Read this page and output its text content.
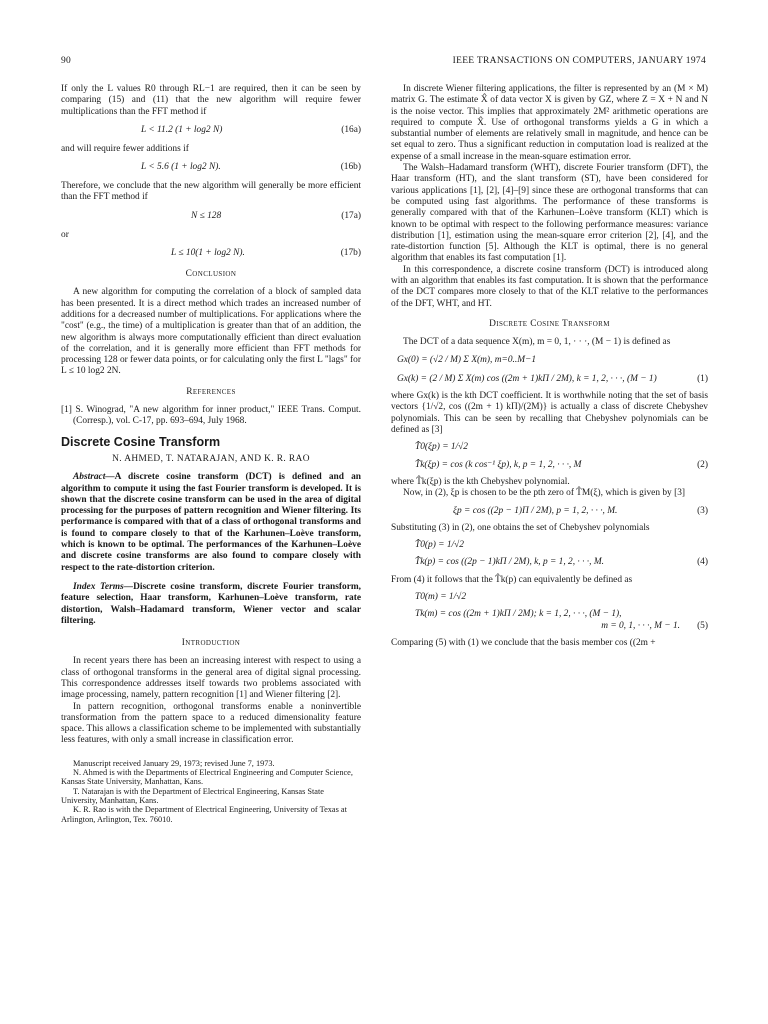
90	IEEE TRANSACTIONS ON COMPUTERS, JANUARY 1974

If only the L values R0 through RL−1 are required, then it can be seen by comparing (15) and (11) that the new algorithm will require fewer multiplications than the FFT method if

L < 11.2 (1 + log2 N)	(16a)

and will require fewer additions if

L < 5.6 (1 + log2 N).	(16b)

Therefore, we conclude that the new algorithm will generally be more efficient than the FFT method if

N ≤ 128	(17a)

or

L ≤ 10(1 + log2 N).	(17b)
Conclusion

A new algorithm for computing the correlation of a block of sampled data has been presented. It is a direct method which trades an increased number of additions for a decreased number of multiplications. For applications where the "cost" (e.g., the time) of a multiplication is greater than that of an addition, the new algorithm is always more computationally efficient than direct evaluation of the correlation, and it is generally more efficient than FFT methods for processing 128 or fewer data points, or for calculating only the first L "lags" for L ≤ 10 log2 2N.

References

[1] S. Winograd, "A new algorithm for inner product," IEEE Trans. Comput. (Corresp.), vol. C-17, pp. 693–694, July 1968.

Discrete Cosine Transform
N. AHMED, T. NATARAJAN, AND K. R. RAO

Abstract—A discrete cosine transform (DCT) is defined and an algorithm to compute it using the fast Fourier transform is developed. It is shown that the discrete cosine transform can be used in the area of digital processing for the purposes of pattern recognition and Wiener filtering. Its performance is compared with that of a class of orthogonal transforms and is found to compare closely to that of the Karhunen–Loève transform, which is known to be optimal. The performances of the Karhunen–Loève and discrete cosine transforms are also found to compare closely with respect to the rate-distortion criterion.

Index Terms—Discrete cosine transform, discrete Fourier transform, feature selection, Haar transform, Karhunen–Loève transform, rate distortion, Walsh–Hadamard transform, Wiener vector and scalar filtering.

Introduction

In recent years there has been an increasing interest with respect to using a class of orthogonal transforms in the general area of digital signal processing. This correspondence addresses itself towards two problems associated with image processing, namely, pattern recognition [1] and Wiener filtering [2].

In pattern recognition, orthogonal transforms enable a noninvertible transformation from the pattern space to a reduced dimensionality feature space. This allows a classification scheme to be implemented with substantially less features, with only a small increase in classification error.

Manuscript received January 29, 1973; revised June 7, 1973.

N. Ahmed is with the Departments of Electrical Engineering and Computer Science, Kansas State University, Manhattan, Kans.

T. Natarajan is with the Department of Electrical Engineering, Kansas State University, Manhattan, Kans.

K. R. Rao is with the Department of Electrical Engineering, University of Texas at Arlington, Arlington, Tex. 76010.

In discrete Wiener filtering applications, the filter is represented by an (M × M) matrix G. The estimate X̂ of data vector X is given by GZ, where Z = X + N and N is the noise vector. This implies that approximately 2M² arithmetic operations are required to compute X̂. Use of orthogonal transforms yields a G in which a substantial number of elements are relatively small in magnitude, and hence can be set equal to zero. Thus a significant reduction in computation load is realized at the expense of a small increase in the mean-square estimation error.

The Walsh–Hadamard transform (WHT), discrete Fourier transform (DFT), the Haar transform (HT), and the slant transform (ST), have been considered for various applications [1], [2], [4]–[9] since these are orthogonal transforms that can be computed using fast algorithms. The performance of these transforms is generally compared with that of the Karhunen–Loève transform (KLT) which is known to be optimal with respect to the following performance measures: variance distribution [1], estimation using the mean-square error criterion [2], [4], and the rate-distortion function [5]. Although the KLT is optimal, there is no general algorithm that enables its fast computation [1].

In this correspondence, a discrete cosine transform (DCT) is introduced along with an algorithm that enables its fast computation. It is shown that the performance of the DCT compares more closely to that of the KLT relative to the performances of the DFT, WHT, and HT.

Discrete Cosine Transform

The DCT of a data sequence X(m), m = 0, 1, · · ·, (M − 1) is defined as

Gx(0) = (√2 / M) Σ X(m), m=0..M−1
Gx(k) = (2 / M) Σ X(m) cos ((2m + 1)kΠ / 2M), k = 1, 2, · · ·, (M − 1)	(1)

where Gx(k) is the kth DCT coefficient. It is worthwhile noting that the set of basis vectors {1/√2, cos ((2m + 1) kΠ)/(2M)} is actually a class of discrete Chebyshev polynomials. This can be seen by recalling that Chebyshev polynomials can be defined as [3]

T̂0(ξp) = 1/√2
T̂k(ξp) = cos (k cos⁻¹ ξp), k, p = 1, 2, · · ·, M	(2)

where T̂k(ξp) is the kth Chebyshev polynomial.

Now, in (2), ξp is chosen to be the pth zero of T̂M(ξ), which is given by [3]

ξp = cos ((2p − 1)Π / 2M), p = 1, 2, · · ·, M.	(3)

Substituting (3) in (2), one obtains the set of Chebyshev polynomials

T̂0(p) = 1/√2
T̂k(p) = cos ((2p − 1)kΠ / 2M), k, p = 1, 2, · · ·, M.	(4)

From (4) it follows that the T̂k(p) can equivalently be defined as

T0(m) = 1/√2
Tk(m) = cos ((2m + 1)kΠ / 2M); k = 1, 2, · · ·, (M − 1),
m = 0, 1, · · ·, M − 1. (5)

Comparing (5) with (1) we conclude that the basis member cos ((2m +
